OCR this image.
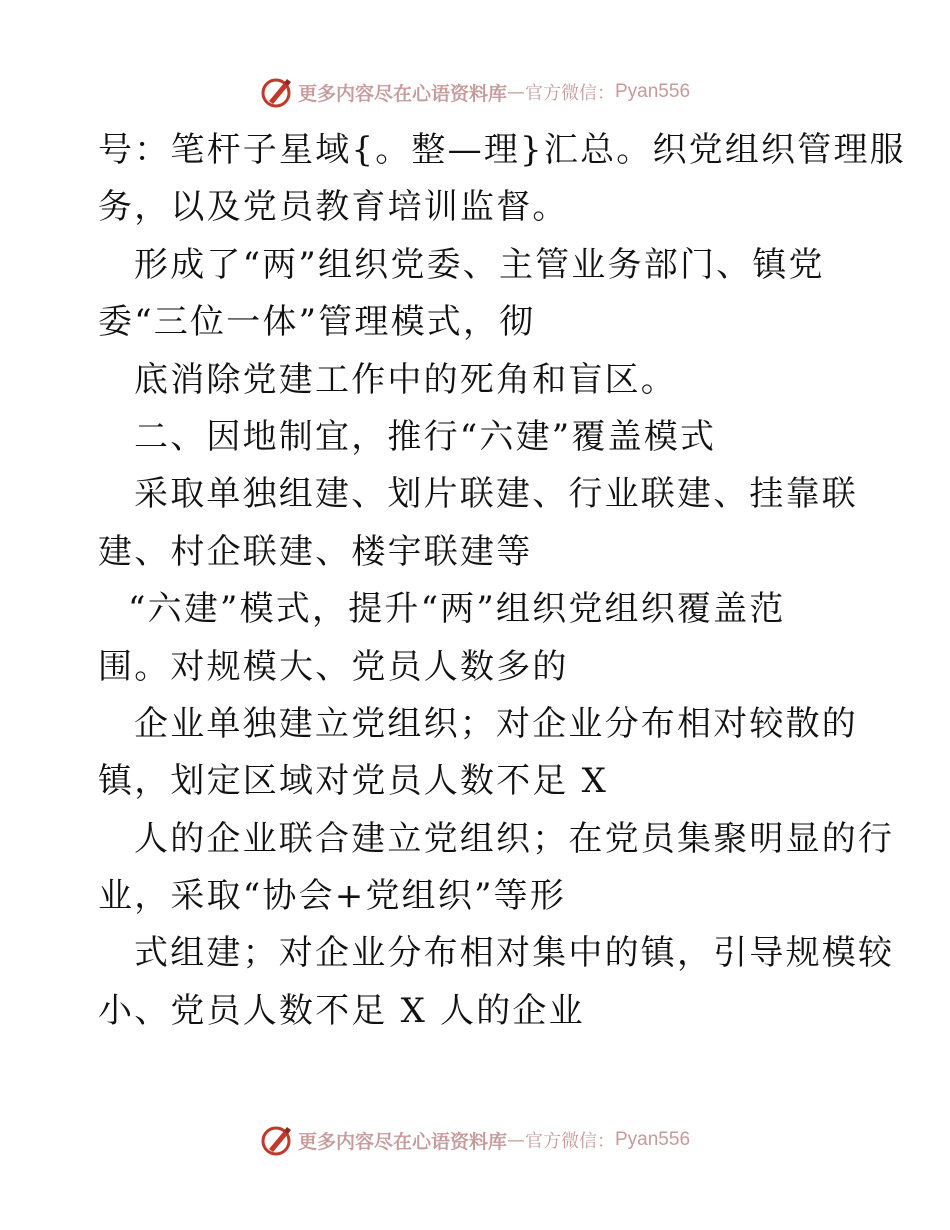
更多内容尽在心语资料库 — 官方微信： Pyan556
号：笔杆子星域{。整—理}汇总。织党组织管理服
务，以及党员教育培训监督。
形成了“两”组织党委、主管业务部门、镇党
委“三位一体”管理模式，彻
底消除党建工作中的死角和盲区。
二、因地制宜，推行“六建”覆盖模式
采取单独组建、划片联建、行业联建、挂靠联
建、村企联建、楼宇联建等
“六建”模式，提升“两”组织党组织覆盖范
围。对规模大、党员人数多的
企业单独建立党组织；对企业分布相对较散的
镇，划定区域对党员人数不足 X
人的企业联合建立党组织；在党员集聚明显的行
业，采取“协会+党组织”等形
式组建；对企业分布相对集中的镇，引导规模较
小、党员人数不足 X 人的企业
更多内容尽在心语资料库 — 官方微信： Pyan556
